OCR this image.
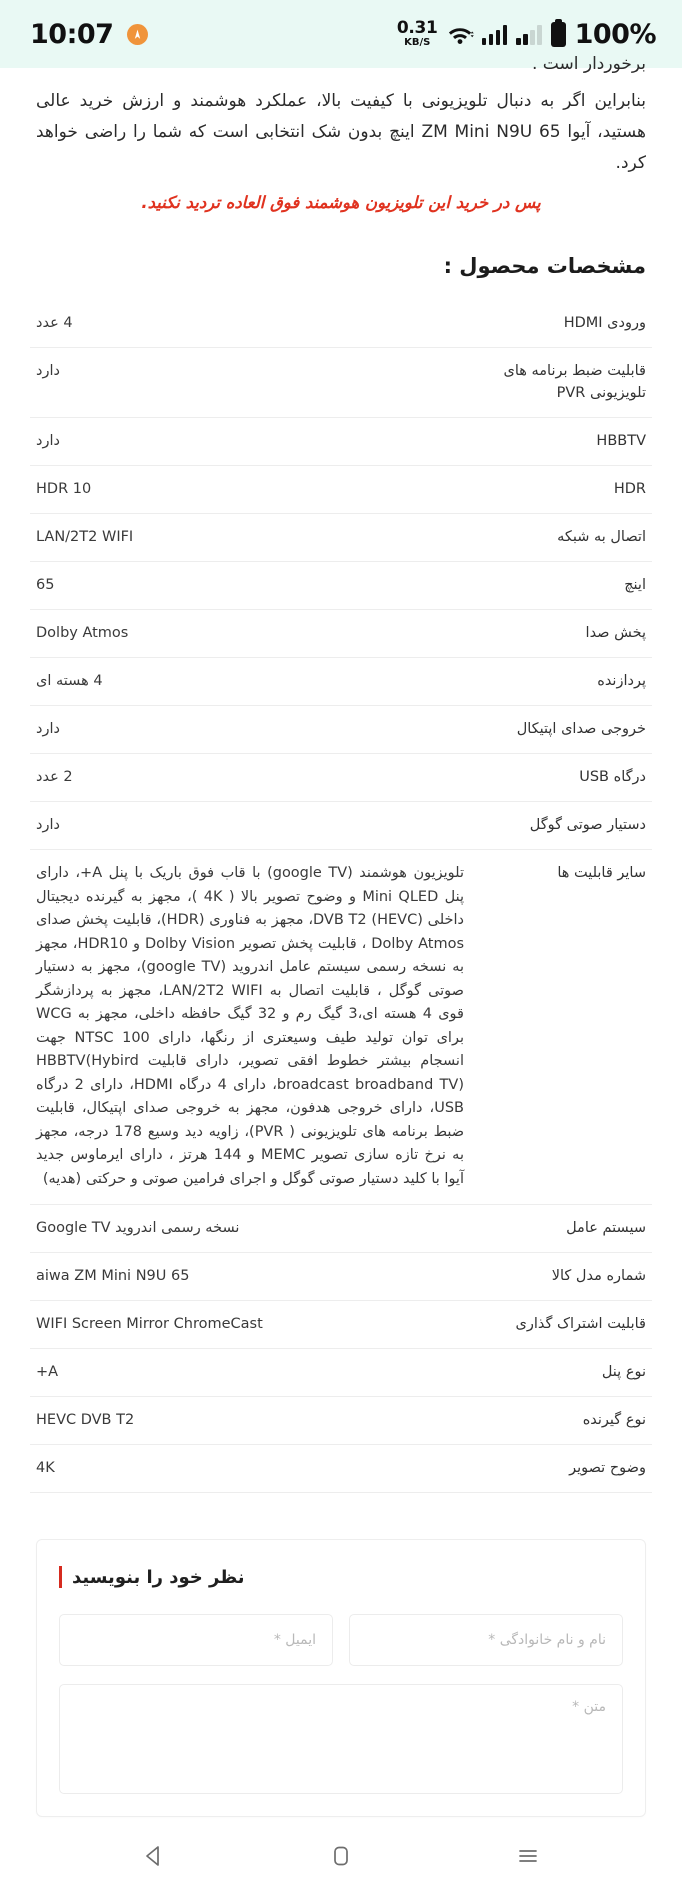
10:07	0.31
KB/S	100%
برخوردار است .

بنابراین اگر به دنبال تلویزیونی با کیفیت بالا، عملکرد هوشمند و ارزش خرید عالی هستید، آیوا ZM Mini N9U 65 اینچ بدون شک انتخابی است که شما را راضی خواهد کرد.

پس در خرید این تلویزیون هوشمند فوق العاده تردید نکنید.

مشخصات محصول :
ورودی HDMI
4 عدد
قابلیت ضبط برنامه های تلویزیونی PVR
دارد
HBBTV
دارد
HDR
HDR 10
اتصال به شبکه
LAN/2T2 WIFI
اینچ
65
پخش صدا
Dolby Atmos
پردازنده
4 هسته ای
خروجی صدای اپتیکال
دارد
درگاه USB
2 عدد
دستیار صوتی گوگل
دارد
سایر قابلیت ها
تلویزیون هوشمند (google TV) با قاب فوق باریک با پنل A+، دارای پنل Mini QLED و وضوح تصویر بالا ( 4K )، مجهز به گیرنده دیجیتال داخلی DVB T2 (HEVC)، مجهز به فناوری (HDR)، قابلیت پخش صدای Dolby Atmos ، قابلیت پخش تصویر Dolby Vision و HDR10، مجهز به نسخه رسمی سیستم عامل اندروید (google TV)، مجهز به دستیار صوتی گوگل ، قابلیت اتصال به LAN/2T2 WIFI، مجهز به پردازشگر قوی 4 هسته ای،3 گیگ رم و 32 گیگ حافظه داخلی، مجهز به WCG برای توان تولید طیف وسیعتری از رنگها، دارای NTSC 100 جهت انسجام بیشتر خطوط افقی تصویر، دارای قابلیت HBBTV(Hybird broadcast broadband TV)، دارای 4 درگاه HDMI، دارای 2 درگاه USB، دارای خروجی هدفون، مجهز به خروجی صدای اپتیکال، قابلیت ضبط برنامه های تلویزیونی ( PVR)، زاویه دید وسیع 178 درجه، مجهز به نرخ تازه سازی تصویر MEMC و 144 هرتز ، دارای ایرماوس جدید آیوا با کلید دستیار صوتی گوگل و اجرای فرامین صوتی و حرکتی (هدیه)
سیستم عامل
نسخه رسمی اندروید Google TV
شماره مدل کالا
aiwa ZM Mini N9U 65
قابلیت اشتراک گذاری
WIFI Screen Mirror ChromeCast
نوع پنل
A+
نوع گیرنده
HEVC DVB T2
وضوح تصویر
4K
نظر خود را بنویسید
نام و نام خانوادگی *
ایمیل *
متن *
